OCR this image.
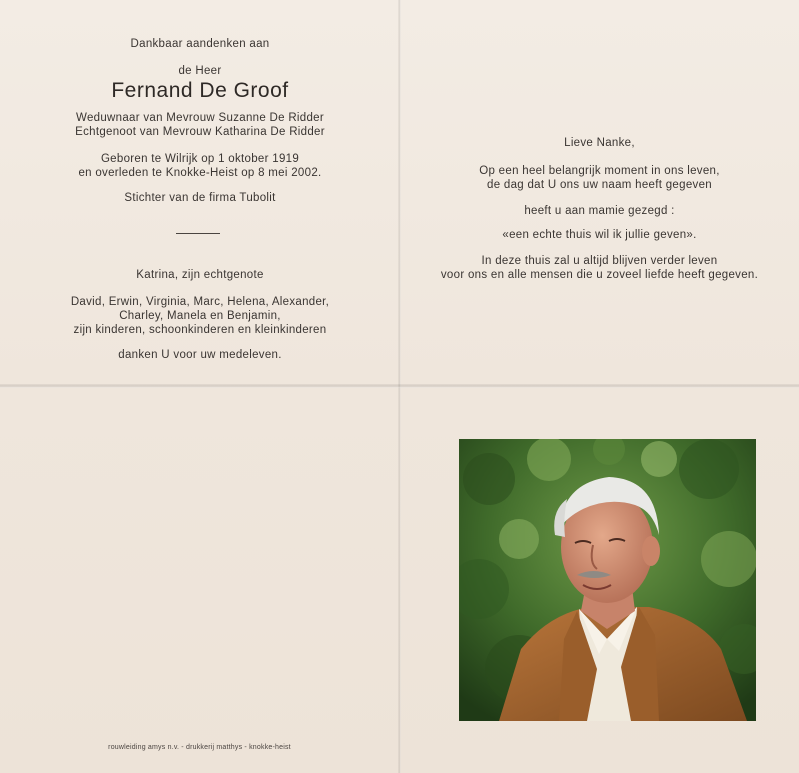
Dankbaar aandenken aan
de Heer
Fernand De Groof
Weduwnaar van Mevrouw Suzanne De Ridder
Echtgenoot van Mevrouw Katharina De Ridder
Geboren te Wilrijk op 1 oktober 1919
en overleden te Knokke-Heist op 8 mei 2002.
Stichter van de firma Tubolit
Katrina, zijn echtgenote
David, Erwin, Virginia, Marc, Helena, Alexander,
Charley, Manela en Benjamin,
zijn kinderen, schoonkinderen en kleinkinderen
danken U voor uw medeleven.
Lieve Nanke,
Op een heel belangrijk moment in ons leven,
de dag dat U ons uw naam heeft gegeven
heeft u aan mamie gezegd :
«een echte thuis wil ik jullie geven».
In deze thuis zal u altijd blijven verder leven
voor ons en alle mensen die u zoveel liefde heeft gegeven.
rouwleiding amys n.v. - drukkerij matthys - knokke-heist
